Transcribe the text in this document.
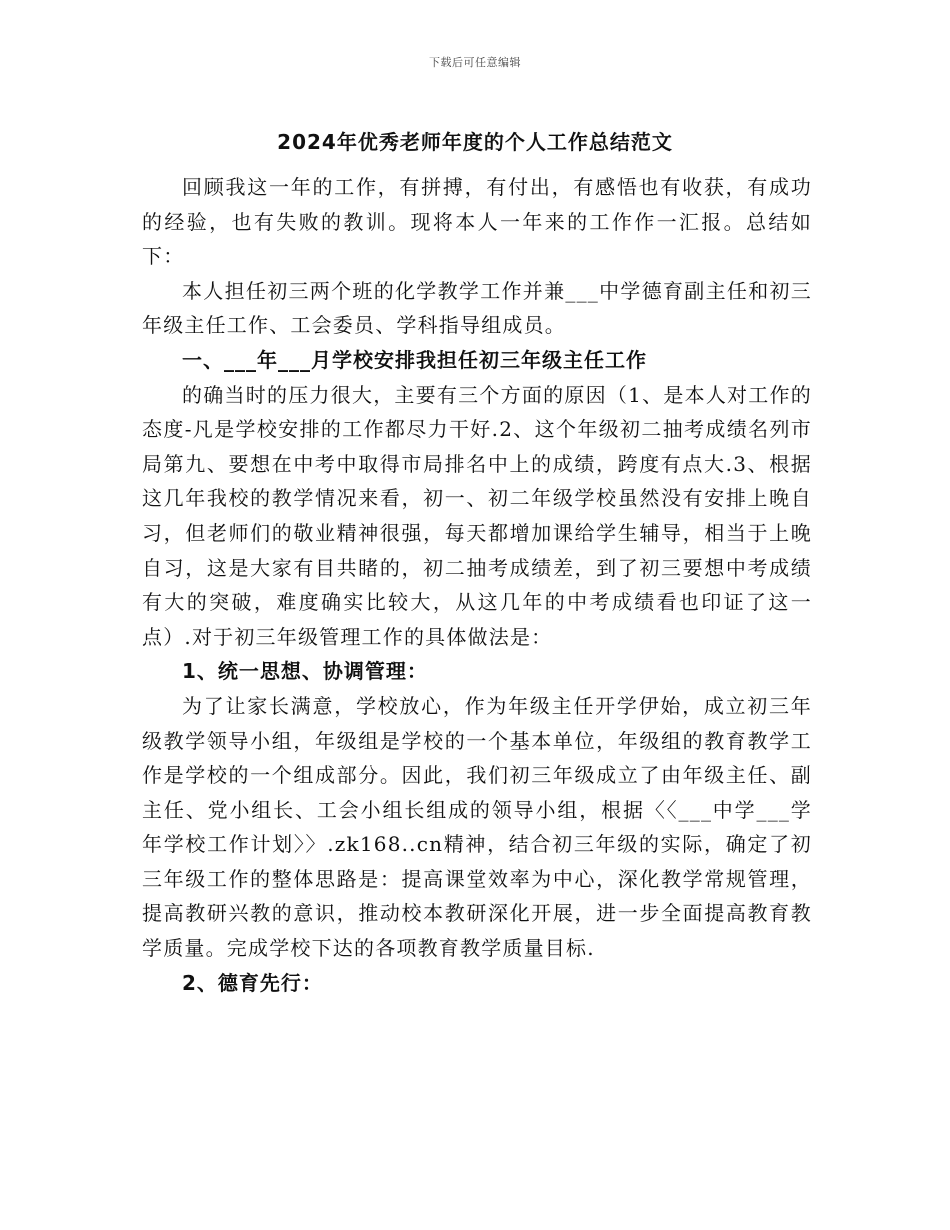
下载后可任意编辑
2024年优秀老师年度的个人工作总结范文

回顾我这一年的工作，有拼搏，有付出，有感悟也有收获，有成功的经验，也有失败的教训。现将本人一年来的工作作一汇报。总结如下：

本人担任初三两个班的化学教学工作并兼___中学德育副主任和初三年级主任工作、工会委员、学科指导组成员。

一、___年___月学校安排我担任初三年级主任工作

的确当时的压力很大，主要有三个方面的原因（1、是本人对工作的态度-凡是学校安排的工作都尽力干好.2、这个年级初二抽考成绩名列市局第九、要想在中考中取得市局排名中上的成绩，跨度有点大.3、根据这几年我校的教学情况来看，初一、初二年级学校虽然没有安排上晚自习，但老师们的敬业精神很强，每天都增加课给学生辅导，相当于上晚自习，这是大家有目共睹的，初二抽考成绩差，到了初三要想中考成绩有大的突破，难度确实比较大，从这几年的中考成绩看也印证了这一点）.对于初三年级管理工作的具体做法是：

1、统一思想、协调管理：

为了让家长满意，学校放心，作为年级主任开学伊始，成立初三年级教学领导小组，年级组是学校的一个基本单位，年级组的教育教学工作是学校的一个组成部分。因此，我们初三年级成立了由年级主任、副主任、党小组长、工会小组长组成的领导小组，根据〈〈___中学___学年学校工作计划〉〉.zk168..cn精神，结合初三年级的实际，确定了初三年级工作的整体思路是：提高课堂效率为中心，深化教学常规管理，提高教研兴教的意识，推动校本教研深化开展，进一步全面提高教育教学质量。完成学校下达的各项教育教学质量目标.

2、德育先行：
